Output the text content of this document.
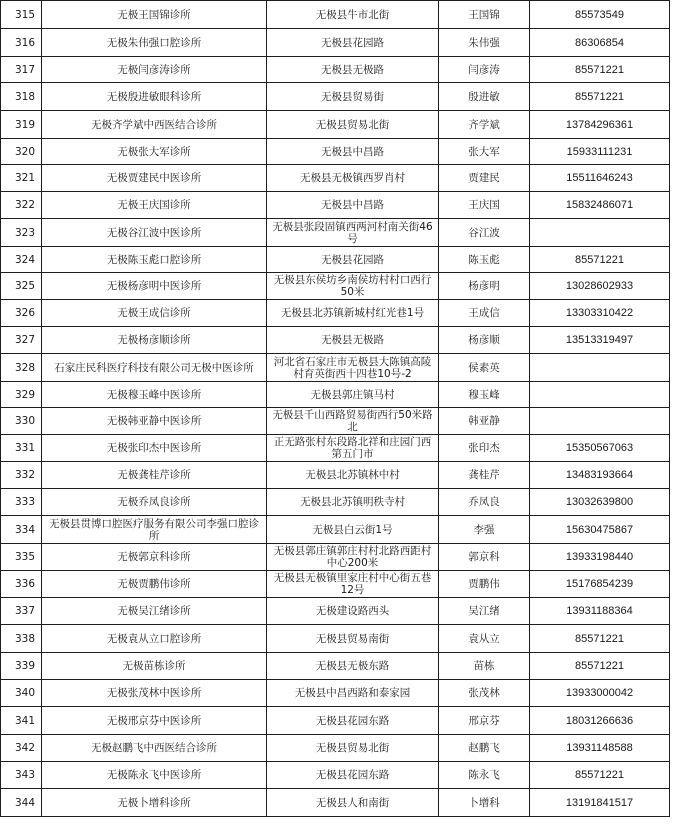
315	无极王国锦诊所	无极县牛市北街	王国锦	85573549
316	无极朱伟强口腔诊所	无极县花园路	朱伟强	86306854
317	无极闫彦涛诊所	无极县无极路	闫彦涛	85571221
318	无极殷进敏眼科诊所	无极县贸易街	殷进敏	85571221
319	无极齐学斌中西医结合诊所	无极县贸易北街	齐学斌	13784296361
320	无极张大军诊所	无极县中昌路	张大军	15933111231
321	无极贾建民中医诊所	无极县无极镇西罗肖村	贾建民	15511646243
322	无极王庆国诊所	无极县中昌路	王庆国	15832486071
323	无极谷江波中医诊所	无极县张段固镇西两河村南关街46号	谷江波	
324	无极陈玉彪口腔诊所	无极县花园路	陈玉彪	85571221
325	无极杨彦明中医诊所	无极县东侯坊乡南侯坊村村口西行50米	杨彦明	13028602933
326	无极王成信诊所	无极县北苏镇新城村红光巷1号	王成信	13303310422
327	无极杨彦顺诊所	无极县无极路	杨彦顺	13513319497
328	石家庄民科医疗科技有限公司无极中医诊所	河北省石家庄市无极县大陈镇高陵村育英街西十四巷10号-2	侯素英	
329	无极穆玉峰中医诊所	无极县郭庄镇马村	穆玉峰	
330	无极韩亚静中医诊所	无极县千山西路贸易街西行50米路北	韩亚静	
331	无极张印杰中医诊所	正无路张村东段路北祥和庄园门西第五门市	张印杰	15350567063
332	无极龚桂芹诊所	无极县北苏镇林中村	龚桂芹	13483193664
333	无极乔凤良诊所	无极县北苏镇明秩寺村	乔凤良	13032639800
334	无极县贯博口腔医疗服务有限公司李强口腔诊所	无极县白云街1号	李强	15630475867
335	无极郭京科诊所	无极县郭庄镇郭庄村村北路西距村中心200米	郭京科	13933198440
336	无极贾鹏伟诊所	无极县无极镇里家庄村中心街五巷12号	贾鹏伟	15176854239
337	无极吴江绪诊所	无极建设路西头	吴江绪	13931188364
338	无极袁从立口腔诊所	无极县贸易南街	袁从立	85571221
339	无极苗栋诊所	无极县无极东路	苗栋	85571221
340	无极张茂林中医诊所	无极县中昌西路和泰家园	张茂林	13933000042
341	无极邢京芬中医诊所	无极县花园东路	邢京芬	18031266636
342	无极赵鹏飞中西医结合诊所	无极县贸易北街	赵鹏飞	13931148588
343	无极陈永飞中医诊所	无极县花园东路	陈永飞	85571221
344	无极卜增科诊所	无极县人和南街	卜增科	13191841517
